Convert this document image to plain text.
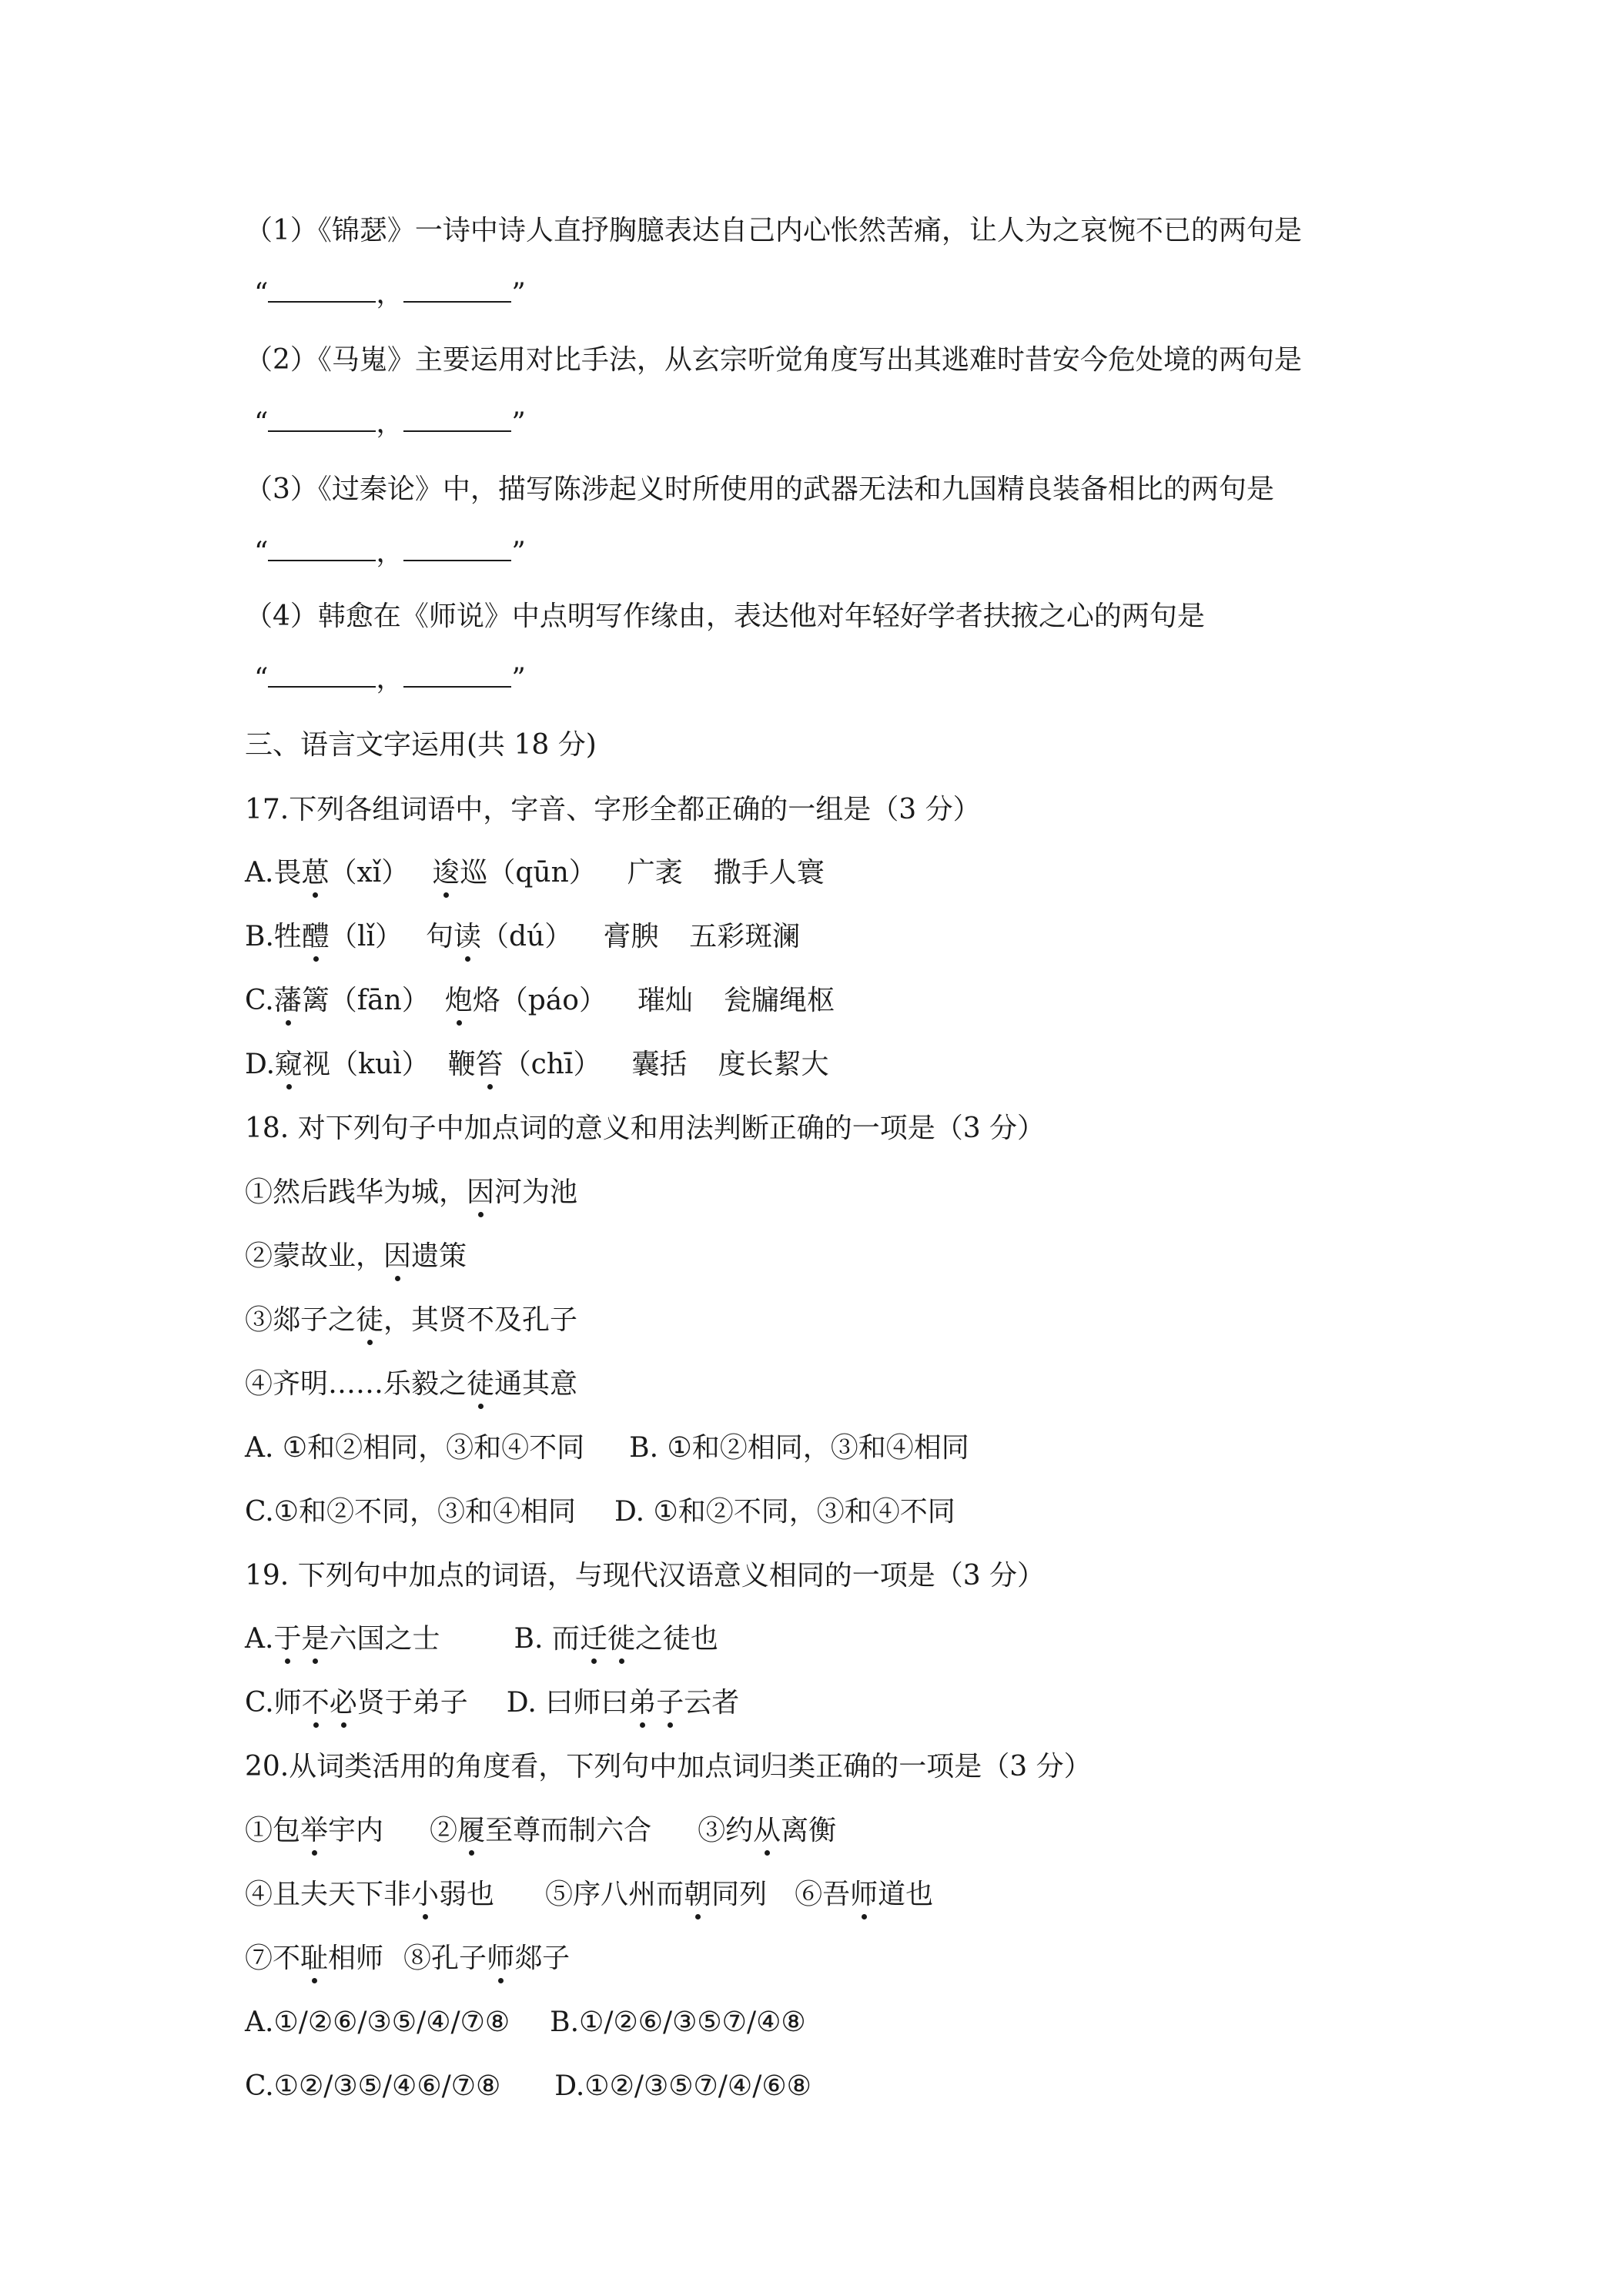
（1）《锦瑟》一诗中诗人直抒胸臆表达自己内心怅然苦痛，让人为之哀惋不已的两句是
“	，	”
（2）《马嵬》主要运用对比手法，从玄宗听觉角度写出其逃难时昔安今危处境的两句是
“	，	”
（3）《过秦论》中，描写陈涉起义时所使用的武器无法和九国精良装备相比的两句是
“	，	”
（4）韩愈在《师说》中点明写作缘由，表达他对年轻好学者扶掖之心的两句是
“	，	”
三、语言文字运用(共 18 分)
17.下列各组词语中，字音、字形全都正确的一组是（3 分）
A.畏葸（xǐ） 逡巡（qūn） 广袤 撒手人寰
B.牲醴（lǐ） 句读（dú） 膏腴 五彩斑澜
C.藩篱（fān） 炮烙（páo） 璀灿 瓮牖绳枢
D.窥视（kuì） 鞭笞（chī） 囊括 度长絜大
18. 对下列句子中加点词的意义和用法判断正确的一项是（3 分）
①然后践华为城，因河为池
②蒙故业，因遗策
③郯子之徒，其贤不及孔子
④齐明……乐毅之徒通其意
A. ①和②相同，③和④不同 B. ①和②相同，③和④相同
C.①和②不同，③和④相同 D. ①和②不同，③和④不同
19. 下列句中加点的词语，与现代汉语意义相同的一项是（3 分）
A.于是六国之士	B. 而迁徙之徒也
C.师不必贤于弟子 D. 曰师曰弟子云者
20.从词类活用的角度看，下列句中加点词归类正确的一项是（3 分）
①包举宇内 ②履至尊而制六合 ③约从离衡
④且夫天下非小弱也 ⑤序八州而朝同列 ⑥吾师道也
⑦不耻相师 ⑧孔子师郯子
A.①/②⑥/③⑤/④/⑦⑧ B.①/②⑥/③⑤⑦/④⑧
C.①②/③⑤/④⑥/⑦⑧ D.①②/③⑤⑦/④/⑥⑧
